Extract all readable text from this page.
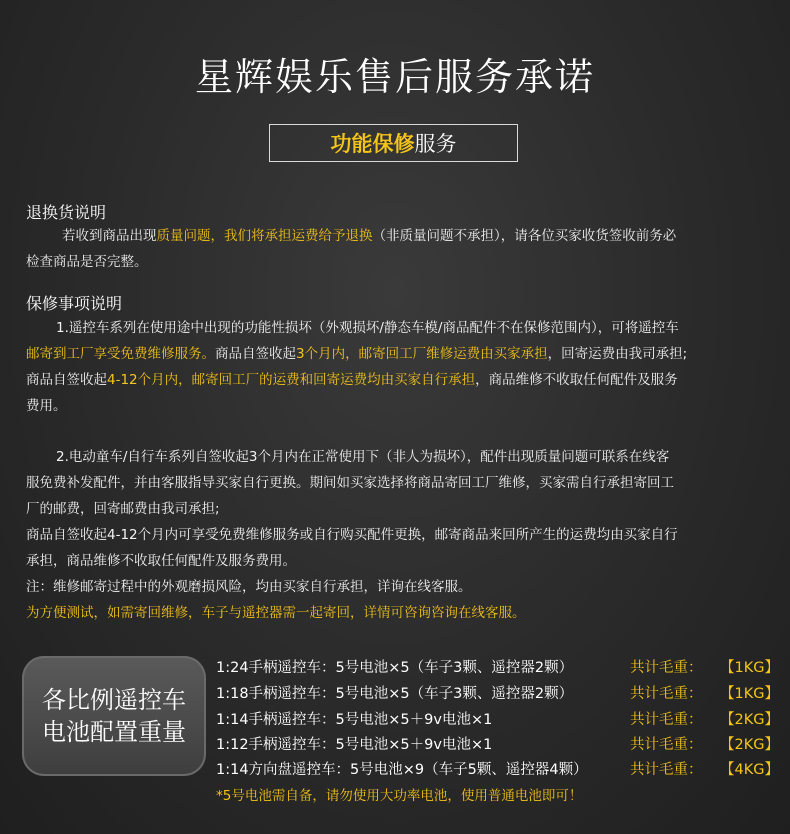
星辉娱乐售后服务承诺
功能保修 服务
退换货说明
若收到商品出现质量问题，我们将承担运费给予退换（非质量问题不承担），请各位买家收货签收前务必
检查商品是否完整。
保修事项说明
1.遥控车系列在使用途中出现的功能性损坏（外观损坏/静态车模/商品配件不在保修范围内），可将遥控车
邮寄到工厂享受免费维修服务。商品自签收起3个月内，邮寄回工厂维修运费由买家承担，回寄运费由我司承担;
商品自签收起4-12个月内，邮寄回工厂的运费和回寄运费均由买家自行承担，商品维修不收取任何配件及服务
费用。
2.电动童车/自行车系列自签收起3个月内在正常使用下（非人为损坏），配件出现质量问题可联系在线客
服免费补发配件，并由客服指导买家自行更换。期间如买家选择将商品寄回工厂维修，买家需自行承担寄回工
厂的邮费，回寄邮费由我司承担;
商品自签收起4-12个月内可享受免费维修服务或自行购买配件更换，邮寄商品来回所产生的运费均由买家自行
承担，商品维修不收取任何配件及服务费用。
注：维修邮寄过程中的外观磨损风险，均由买家自行承担，详询在线客服。
为方便测试，如需寄回维修，车子与遥控器需一起寄回，详情可咨询咨询在线客服。
各比例遥控车
电池配置重量
1:24手柄遥控车：5号电池×5（车子3颗、遥控器2颗）	共计毛重： 【1KG】
1:18手柄遥控车：5号电池×5（车子3颗、遥控器2颗）	共计毛重： 【1KG】
1:14手柄遥控车：5号电池×5＋9v电池×1	共计毛重： 【2KG】
1:12手柄遥控车：5号电池×5＋9v电池×1	共计毛重： 【2KG】
1:14方向盘遥控车：5号电池×9（车子5颗、遥控器4颗）	共计毛重： 【4KG】
*5号电池需自备，请勿使用大功率电池，使用普通电池即可！
